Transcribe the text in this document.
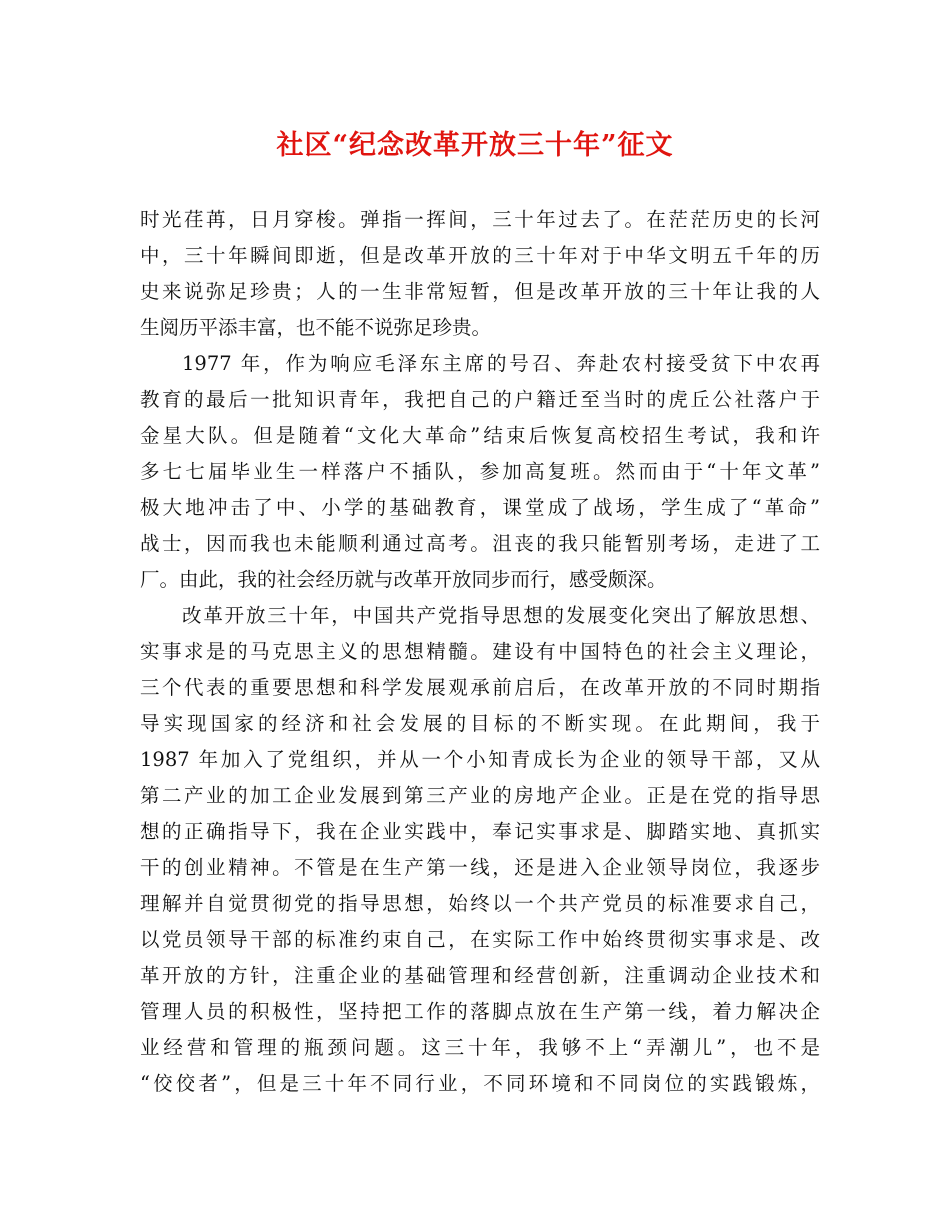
社区“纪念改革开放三十年”征文
时光荏苒，日月穿梭。弹指一挥间，三十年过去了。在茫茫历史的长河
中，三十年瞬间即逝，但是改革开放的三十年对于中华文明五千年的历
史来说弥足珍贵；人的一生非常短暂，但是改革开放的三十年让我的人
生阅历平添丰富，也不能不说弥足珍贵。
1977 年，作为响应毛泽东主席的号召、奔赴农村接受贫下中农再
教育的最后一批知识青年，我把自己的户籍迁至当时的虎丘公社落户于
金星大队。但是随着“文化大革命”结束后恢复高校招生考试，我和许
多七七届毕业生一样落户不插队，参加高复班。然而由于“十年文革”
极大地冲击了中、小学的基础教育，课堂成了战场，学生成了“革命”
战士，因而我也未能顺利通过高考。沮丧的我只能暂别考场，走进了工
厂。由此，我的社会经历就与改革开放同步而行，感受颇深。
改革开放三十年，中国共产党指导思想的发展变化突出了解放思想、
实事求是的马克思主义的思想精髓。建设有中国特色的社会主义理论，
三个代表的重要思想和科学发展观承前启后，在改革开放的不同时期指
导实现国家的经济和社会发展的目标的不断实现。在此期间，我于
1987 年加入了党组织，并从一个小知青成长为企业的领导干部，又从
第二产业的加工企业发展到第三产业的房地产企业。正是在党的指导思
想的正确指导下，我在企业实践中，奉记实事求是、脚踏实地、真抓实
干的创业精神。不管是在生产第一线，还是进入企业领导岗位，我逐步
理解并自觉贯彻党的指导思想，始终以一个共产党员的标准要求自己，
以党员领导干部的标准约束自己，在实际工作中始终贯彻实事求是、改
革开放的方针，注重企业的基础管理和经营创新，注重调动企业技术和
管理人员的积极性，坚持把工作的落脚点放在生产第一线，着力解决企
业经营和管理的瓶颈问题。这三十年，我够不上“弄潮儿”，也不是
“佼佼者”，但是三十年不同行业，不同环境和不同岗位的实践锻炼，
